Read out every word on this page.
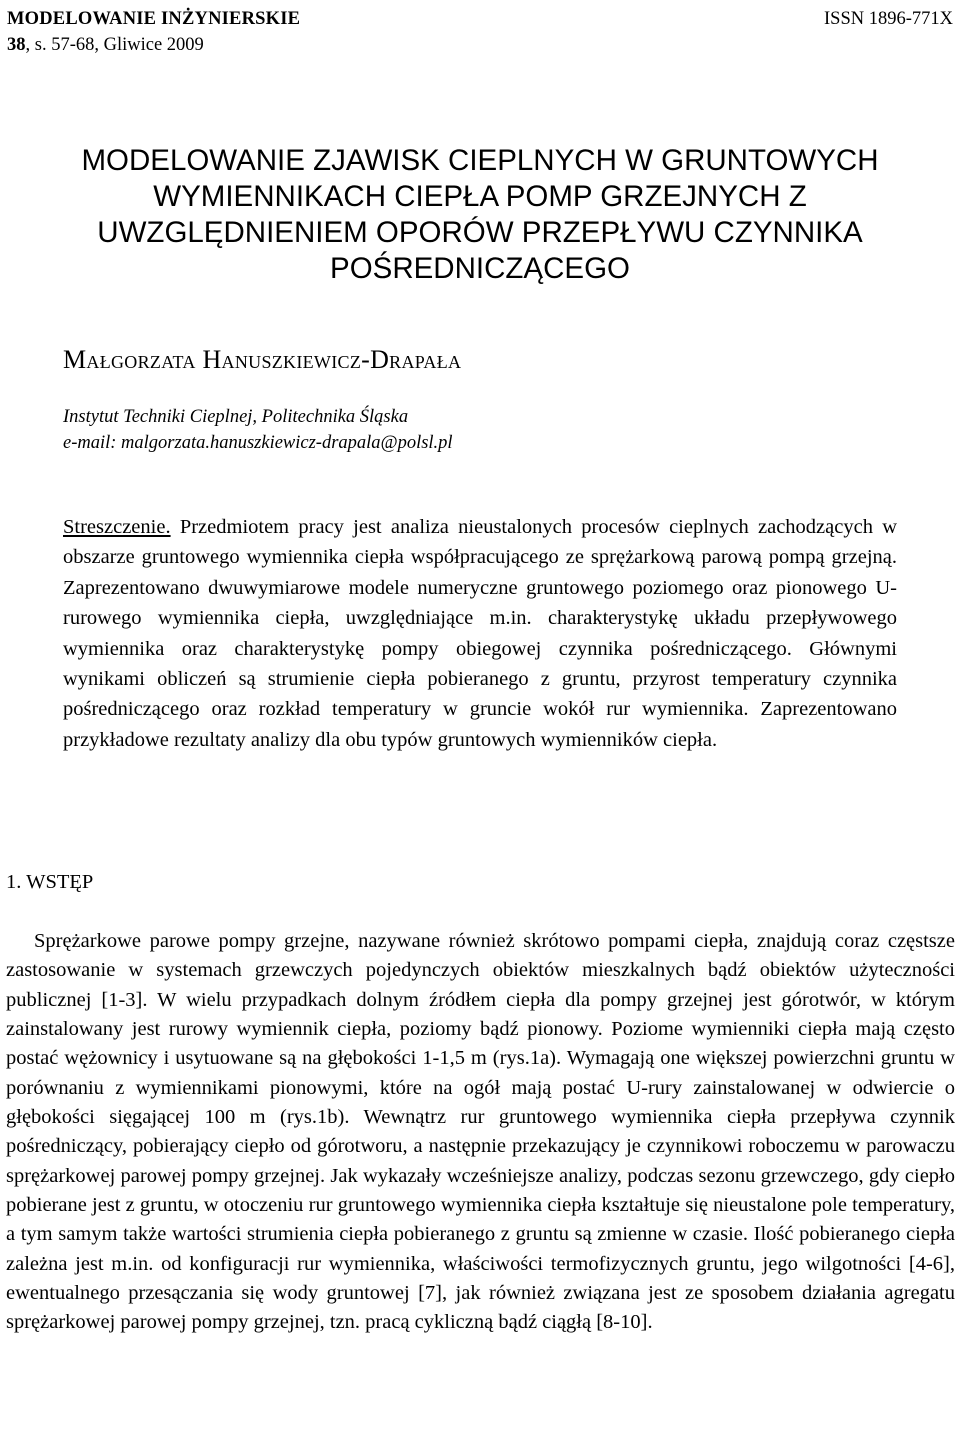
MODELOWANIE INŻYNIERSKIE	ISSN 1896-771X
38, s. 57-68, Gliwice 2009
MODELOWANIE ZJAWISK CIEPLNYCH W GRUNTOWYCH
WYMIENNIKACH CIEPŁA POMP GRZEJNYCH Z
UWZGLĘDNIENIEM OPORÓW PRZEPŁYWU CZYNNIKA
POŚREDNICZĄCEGO
Małgorzata Hanuszkiewicz-Drapała
Instytut Techniki Cieplnej, Politechnika Śląska
e-mail: malgorzata.hanuszkiewicz-drapala@polsl.pl

Streszczenie. Przedmiotem pracy jest analiza nieustalonych procesów cieplnych zachodzących w obszarze gruntowego wymiennika ciepła współpracującego ze sprężarkową parową pompą grzejną. Zaprezentowano dwuwymiarowe modele numeryczne gruntowego poziomego oraz pionowego U-rurowego wymiennika ciepła, uwzględniające m.in. charakterystykę układu przepływowego wymiennika oraz charakterystykę pompy obiegowej czynnika pośredniczącego. Głównymi wynikami obliczeń są strumienie ciepła pobieranego z gruntu, przyrost temperatury czynnika pośredniczącego oraz rozkład temperatury w gruncie wokół rur wymiennika. Zaprezentowano przykładowe rezultaty analizy dla obu typów gruntowych wymienników ciepła.

1. WSTĘP

Sprężarkowe parowe pompy grzejne, nazywane również skrótowo pompami ciepła, znajdują coraz częstsze zastosowanie w systemach grzewczych pojedynczych obiektów mieszkalnych bądź obiektów użyteczności publicznej [1-3]. W wielu przypadkach dolnym źródłem ciepła dla pompy grzejnej jest górotwór, w którym zainstalowany jest rurowy wymiennik ciepła, poziomy bądź pionowy. Poziome wymienniki ciepła mają często postać wężownicy i usytuowane są na głębokości 1-1,5 m (rys.1a). Wymagają one większej powierzchni gruntu w porównaniu z wymiennikami pionowymi, które na ogół mają postać U-rury zainstalowanej w odwiercie o głębokości sięgającej 100 m (rys.1b). Wewnątrz rur gruntowego wymiennika ciepła przepływa czynnik pośredniczący, pobierający ciepło od górotworu, a następnie przekazujący je czynnikowi roboczemu w parowaczu sprężarkowej parowej pompy grzejnej. Jak wykazały wcześniejsze analizy, podczas sezonu grzewczego, gdy ciepło pobierane jest z gruntu, w otoczeniu rur gruntowego wymiennika ciepła kształtuje się nieustalone pole temperatury, a tym samym także wartości strumienia ciepła pobieranego z gruntu są zmienne w czasie. Ilość pobieranego ciepła zależna jest m.in. od konfiguracji rur wymiennika, właściwości termofizycznych gruntu, jego wilgotności [4-6], ewentualnego przesączania się wody gruntowej [7], jak również związana jest ze sposobem działania agregatu sprężarkowej parowej pompy grzejnej, tzn. pracą cykliczną bądź ciągłą [8-10].
